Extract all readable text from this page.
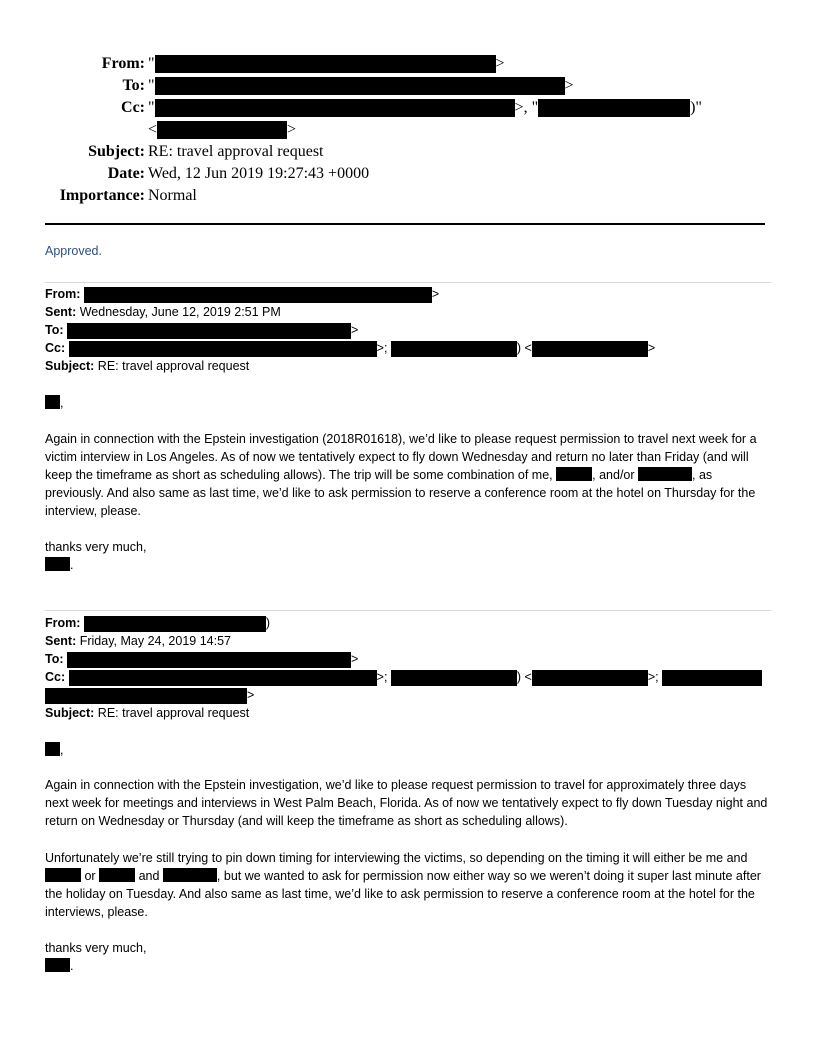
From: "	>
To: "	>
Cc: "	>, "	)"
<	>
Subject: RE: travel approval request
Date: Wed, 12 Jun 2019 19:27:43 +0000
Importance: Normal
Approved.
From:	>
Sent: Wednesday, June 12, 2019 2:51 PM
To:	>
Cc:	>;	) <	>
Subject: RE: travel approval request
,
Again in connection with the Epstein investigation (2018R01618), we’d like to please request permission to travel next week for a victim interview in Los Angeles. As of now we tentatively expect to fly down Wednesday and return no later than Friday (and will keep the timeframe as short as scheduling allows). The trip will be some combination of me,	, and/or	, as previously. And also same as last time, we’d like to ask permission to reserve a conference room at the hotel on Thursday for the interview, please.
thanks very much,
.
From:	)
Sent: Friday, May 24, 2019 14:57
To:	>
Cc:	>;	) <	>;
>
Subject: RE: travel approval request
,
Again in connection with the Epstein investigation, we’d like to please request permission to travel for approximately three days next week for meetings and interviews in West Palm Beach, Florida. As of now we tentatively expect to fly down Tuesday night and return on Wednesday or Thursday (and will keep the timeframe as short as scheduling allows).
Unfortunately we’re still trying to pin down timing for interviewing the victims, so depending on the timing it will either be me and  or	and	, but we wanted to ask for permission now either way so we weren’t doing it super last minute after the holiday on Tuesday. And also same as last time, we’d like to ask permission to reserve a conference room at the hotel for the interviews, please.
thanks very much,
.
